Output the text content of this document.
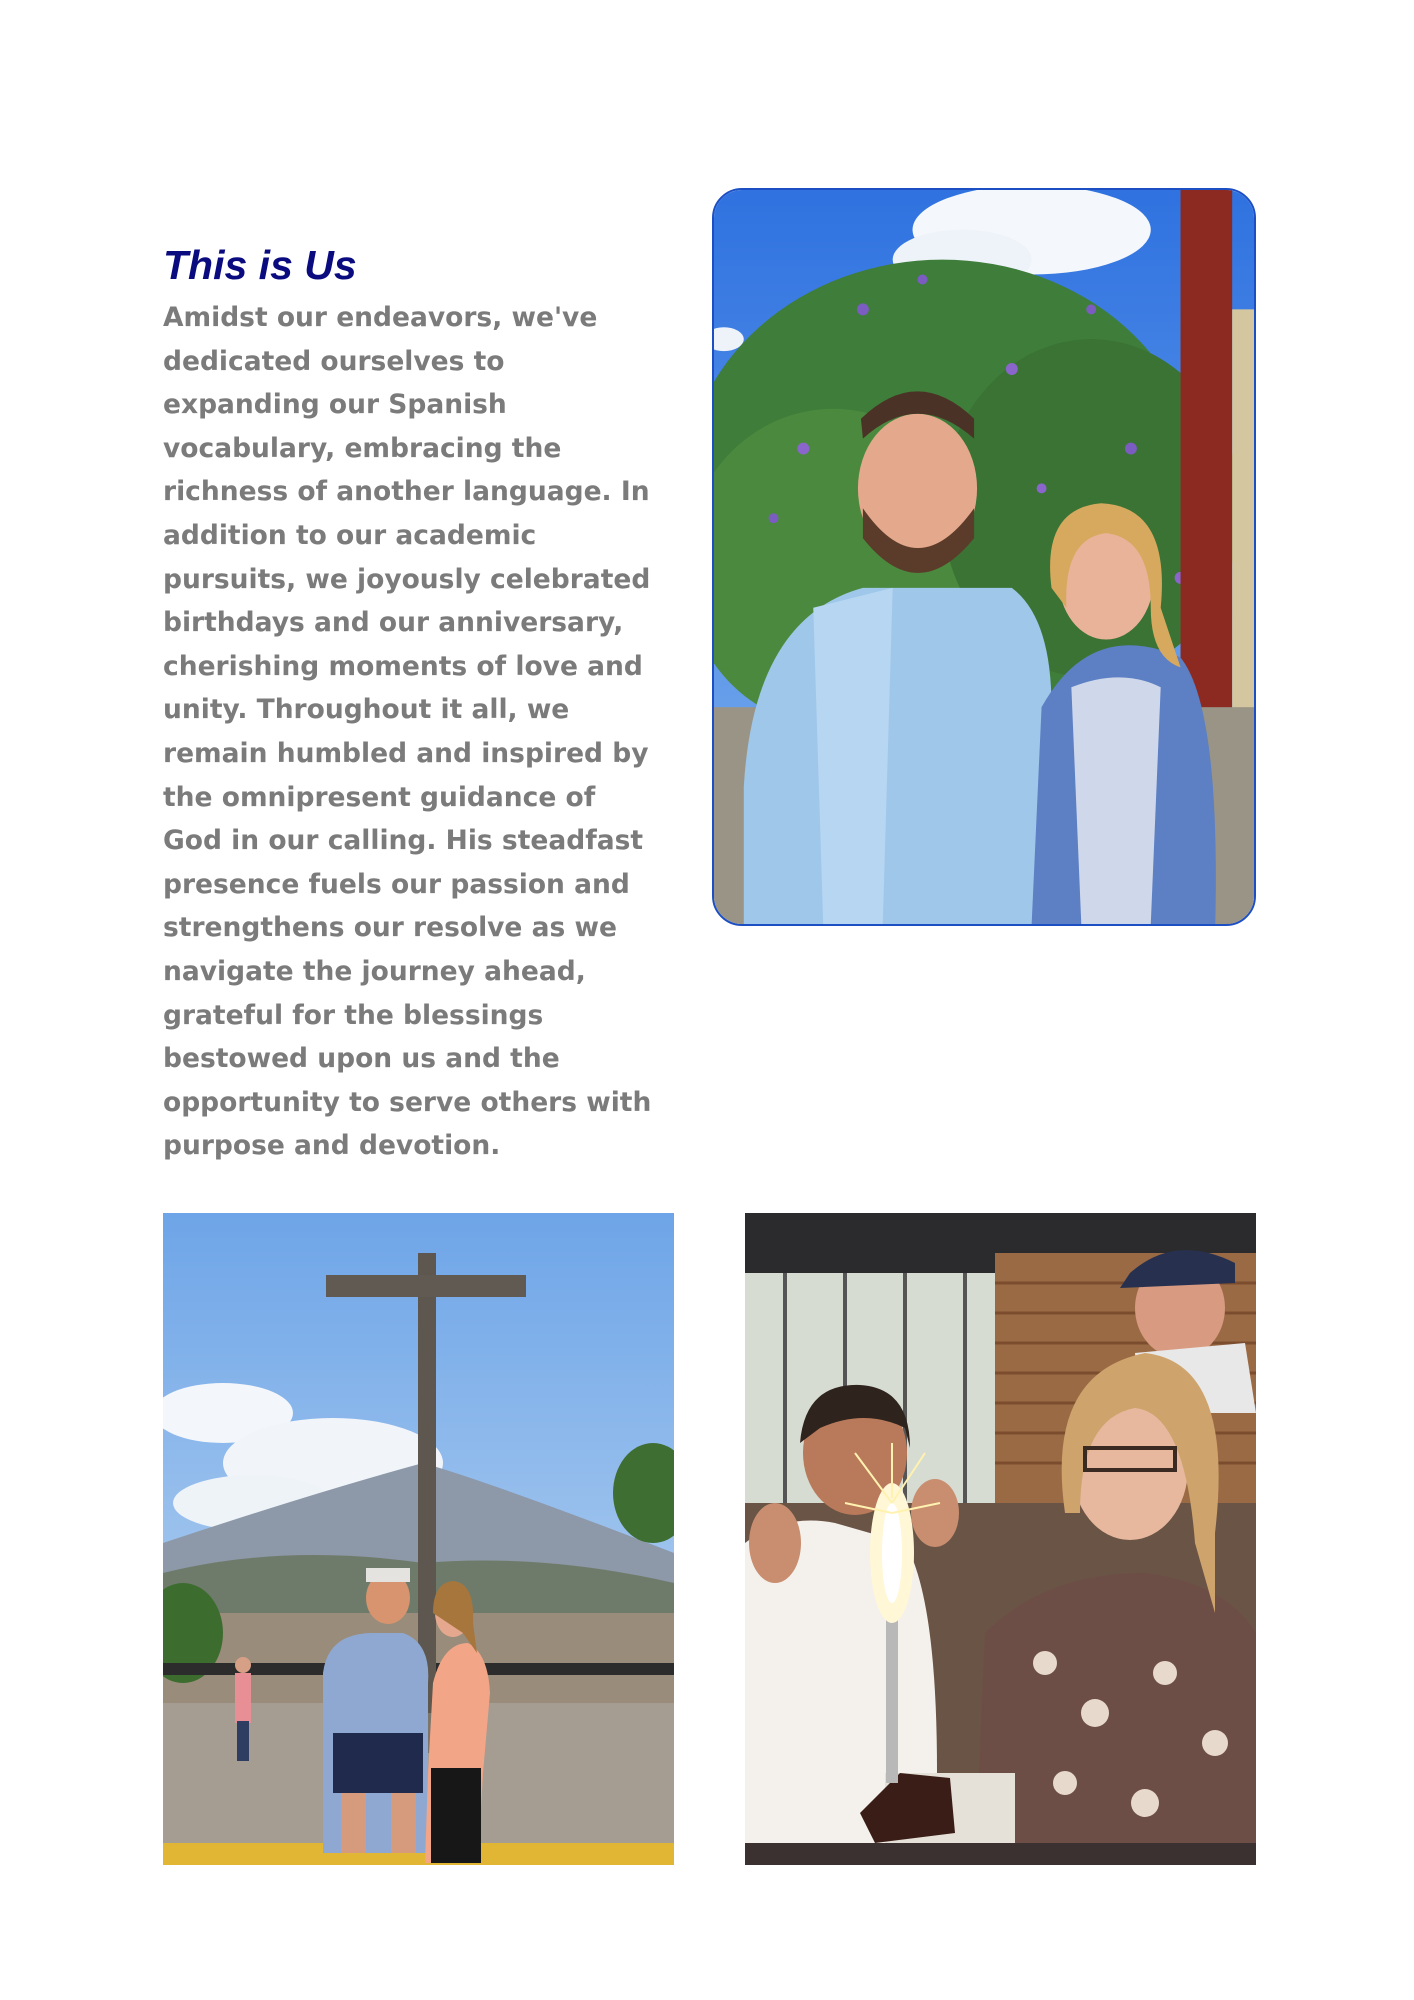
This is Us

Amidst our endeavors, we've dedicated ourselves to expanding our Spanish vocabulary, embracing the richness of another language. In addition to our academic pursuits, we joyously celebrated birthdays and our anniversary, cherishing moments of love and unity. Throughout it all, we remain humbled and inspired by the omnipresent guidance of God in our calling. His steadfast presence fuels our passion and strengthens our resolve as we navigate the journey ahead, grateful for the blessings bestowed upon us and the opportunity to serve others with purpose and devotion.
